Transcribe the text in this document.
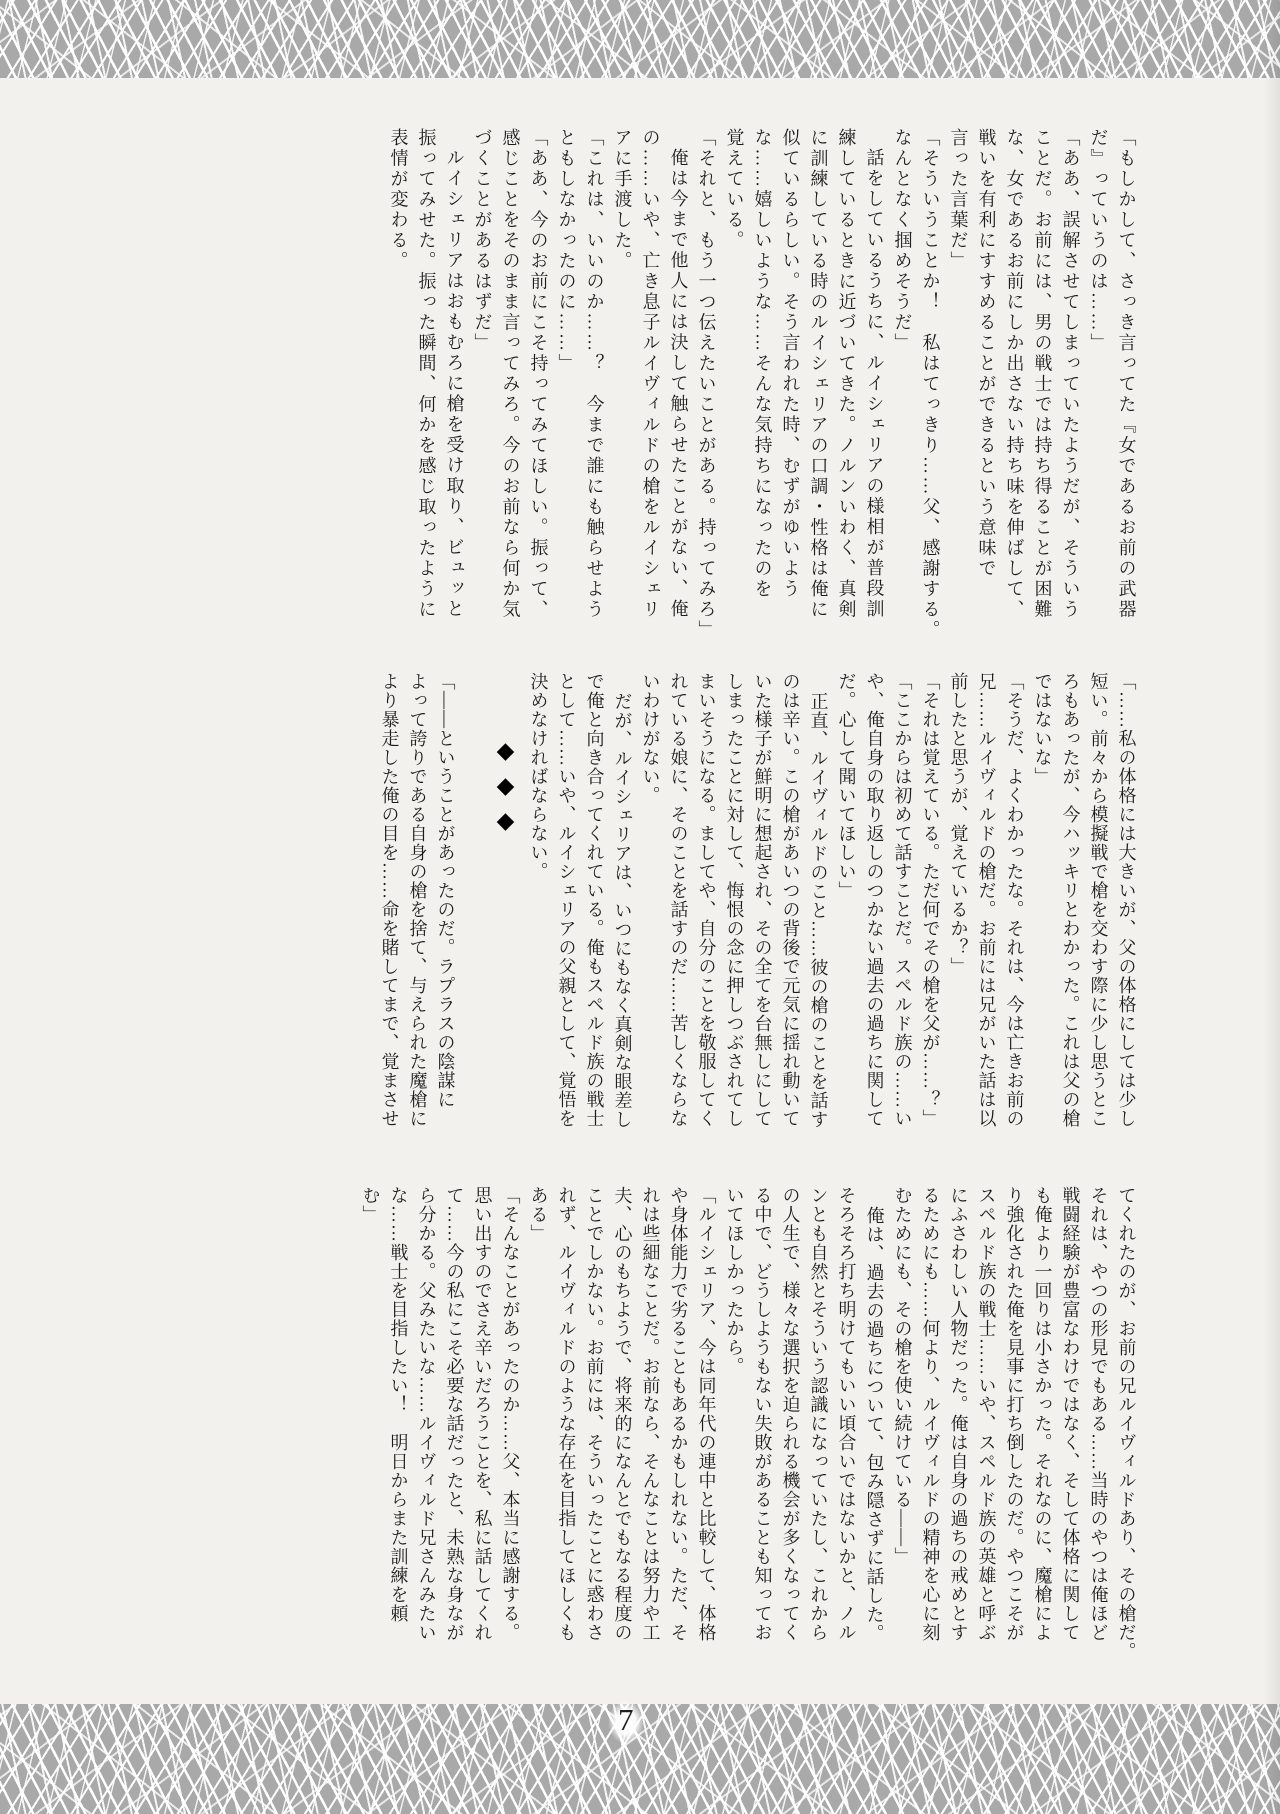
「もしかして、さっき言ってた『女であるお前の武器

だ』っていうのは……」

「ああ、誤解させてしまっていたようだが、そういう

ことだ。お前には、男の戦士では持ち得ることが困難

な、女であるお前にしか出さない持ち味を伸ばして、

戦いを有利にすすめることができるという意味で

言った言葉だ」

「そういうことか！　私はてっきり……父、感謝する。

なんとなく掴めそうだ」

話をしているうちに、ルイシェリアの様相が普段訓

練しているときに近づいてきた。ノルンいわく、真剣

に訓練している時のルイシェリアの口調・性格は俺に

似ているらしい。そう言われた時、むずがゆいよう

な……嬉しいような……そんな気持ちになったのを

覚えている。

「それと、もう一つ伝えたいことがある。持ってみろ」

俺は今まで他人には決して触らせたことがない、俺

の……いや、亡き息子ルイヴィルドの槍をルイシェリ

アに手渡した。

「これは、いいのか……？　今まで誰にも触らせよう

ともしなかったのに……」

「ああ、今のお前にこそ持ってみてほしい。振って、

感じことをそのまま言ってみろ。今のお前なら何か気

づくことがあるはずだ」

ルイシェリアはおもむろに槍を受け取り、ビュッと

振ってみせた。振った瞬間、何かを感じ取ったように

表情が変わる。

「……私の体格には大きいが、父の体格にしては少し

短い。前々から模擬戦で槍を交わす際に少し思うとこ

ろもあったが、今ハッキリとわかった。これは父の槍

ではないな」

「そうだ、よくわかったな。それは、今は亡きお前の

兄……ルイヴィルドの槍だ。お前には兄がいた話は以

前したと思うが、覚えているか？」

「それは覚えている。ただ何でその槍を父が……？」

「ここからは初めて話すことだ。スペルド族の……い

や、俺自身の取り返しのつかない過去の過ちに関して

だ。心して聞いてほしい」

正直、ルイヴィルドのこと……彼の槍のことを話す

のは辛い。この槍があいつの背後で元気に揺れ動いて

いた様子が鮮明に想起され、その全てを台無しにして

しまったことに対して、悔恨の念に押しつぶされてし

まいそうになる。ましてや、自分のことを敬服してく

れている娘に、そのことを話すのだ……苦しくならな

いわけがない。

だが、ルイシェリアは、いつにもなく真剣な眼差し

で俺と向き合ってくれている。俺もスペルド族の戦士

として……いや、ルイシェリアの父親として、覚悟を

決めなければならない。

◆◆◆

「――ということがあったのだ。ラプラスの陰謀に

よって誇りである自身の槍を捨て、与えられた魔槍に

より暴走した俺の目を……命を賭してまで、覚まさせ

てくれたのが、お前の兄ルイヴィルドあり、その槍だ。

それは、やつの形見でもある……当時のやつは俺ほど

戦闘経験が豊富なわけではなく、そして体格に関して

も俺より一回りは小さかった。それなのに、魔槍によ

り強化された俺を見事に打ち倒したのだ。やつこそが

スペルド族の戦士……いや、スペルド族の英雄と呼ぶ

にふさわしい人物だった。俺は自身の過ちの戒めとす

るためにも……何より、ルイヴィルドの精神を心に刻

むためにも、その槍を使い続けている――」

俺は、過去の過ちについて、包み隠さずに話した。

そろそろ打ち明けてもいい頃合いではないかと、ノル

ンとも自然とそういう認識になっていたし、これから

の人生で、様々な選択を迫られる機会が多くなってく

る中で、どうしようもない失敗があることも知ってお

いてほしかったから。

「ルイシェリア、今は同年代の連中と比較して、体格

や身体能力で劣ることもあるかもしれない。ただ、そ

れは些細なことだ。お前なら、そんなことは努力や工

夫、心のもちようで、将来的になんとでもなる程度の

ことでしかない。お前には、そういったことに惑わさ

れず、ルイヴィルドのような存在を目指してほしくも

ある」

「そんなことがあったのか……父、本当に感謝する。

思い出すのでさえ辛いだろうことを、私に話してくれ

て……今の私にこそ必要な話だったと、未熟な身なが

ら分かる。父みたいな……ルイヴィルド兄さんみたい

な……戦士を目指したい！　明日からまた訓練を頼

む」

7
